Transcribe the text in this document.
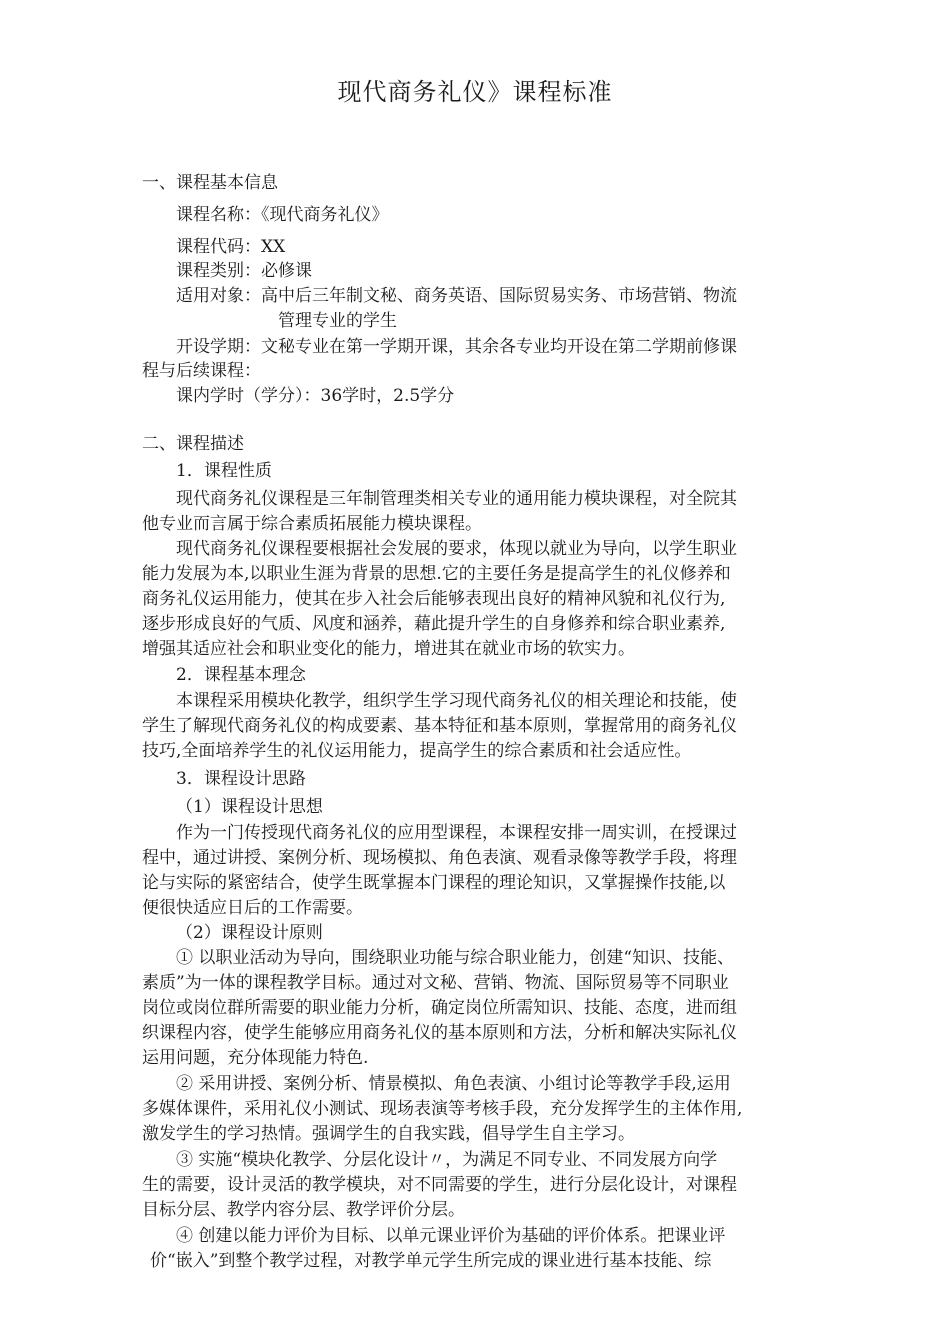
现代商务礼仪》课程标准
一、课程基本信息
课程名称：《现代商务礼仪》
课程代码：XX
课程类别：必修课
适用对象：高中后三年制文秘、商务英语、国际贸易实务、市场营销、物流
管理专业的学生
开设学期：文秘专业在第一学期开课，其余各专业均开设在第二学期前修课
程与后续课程：
课内学时（学分）：36学时，2.5学分
二、课程描述
1．课程性质
现代商务礼仪课程是三年制管理类相关专业的通用能力模块课程，对全院其
他专业而言属于综合素质拓展能力模块课程。
现代商务礼仪课程要根据社会发展的要求，体现以就业为导向，以学生职业
能力发展为本,以职业生涯为背景的思想.它的主要任务是提高学生的礼仪修养和
商务礼仪运用能力，使其在步入社会后能够表现出良好的精神风貌和礼仪行为,
逐步形成良好的气质、风度和涵养，藉此提升学生的自身修养和综合职业素养,
增强其适应社会和职业变化的能力，增进其在就业市场的软实力。
2．课程基本理念
本课程采用模块化教学，组织学生学习现代商务礼仪的相关理论和技能，使
学生了解现代商务礼仪的构成要素、基本特征和基本原则，掌握常用的商务礼仪
技巧,全面培养学生的礼仪运用能力，提高学生的综合素质和社会适应性。
3．课程设计思路
（1）课程设计思想
作为一门传授现代商务礼仪的应用型课程，本课程安排一周实训，在授课过
程中，通过讲授、案例分析、现场模拟、角色表演、观看录像等教学手段，将理
论与实际的紧密结合，使学生既掌握本门课程的理论知识，又掌握操作技能,以
便很快适应日后的工作需要。
（2）课程设计原则
① 以职业活动为导向，围绕职业功能与综合职业能力，创建“知识、技能、
素质”为一体的课程教学目标。通过对文秘、营销、物流、国际贸易等不同职业
岗位或岗位群所需要的职业能力分析，确定岗位所需知识、技能、态度，进而组
织课程内容，使学生能够应用商务礼仪的基本原则和方法，分析和解决实际礼仪
运用问题，充分体现能力特色.
② 采用讲授、案例分析、情景模拟、角色表演、小组讨论等教学手段,运用
多媒体课件，采用礼仪小测试、现场表演等考核手段，充分发挥学生的主体作用,
激发学生的学习热情。强调学生的自我实践，倡导学生自主学习。
③ 实施“模块化教学、分层化设计〃，为满足不同专业、不同发展方向学
生的需要，设计灵活的教学模块，对不同需要的学生，进行分层化设计，对课程
目标分层、教学内容分层、教学评价分层。
④ 创建以能力评价为目标、以单元课业评价为基础的评价体系。把课业评
价“嵌入”到整个教学过程，对教学单元学生所完成的课业进行基本技能、综
